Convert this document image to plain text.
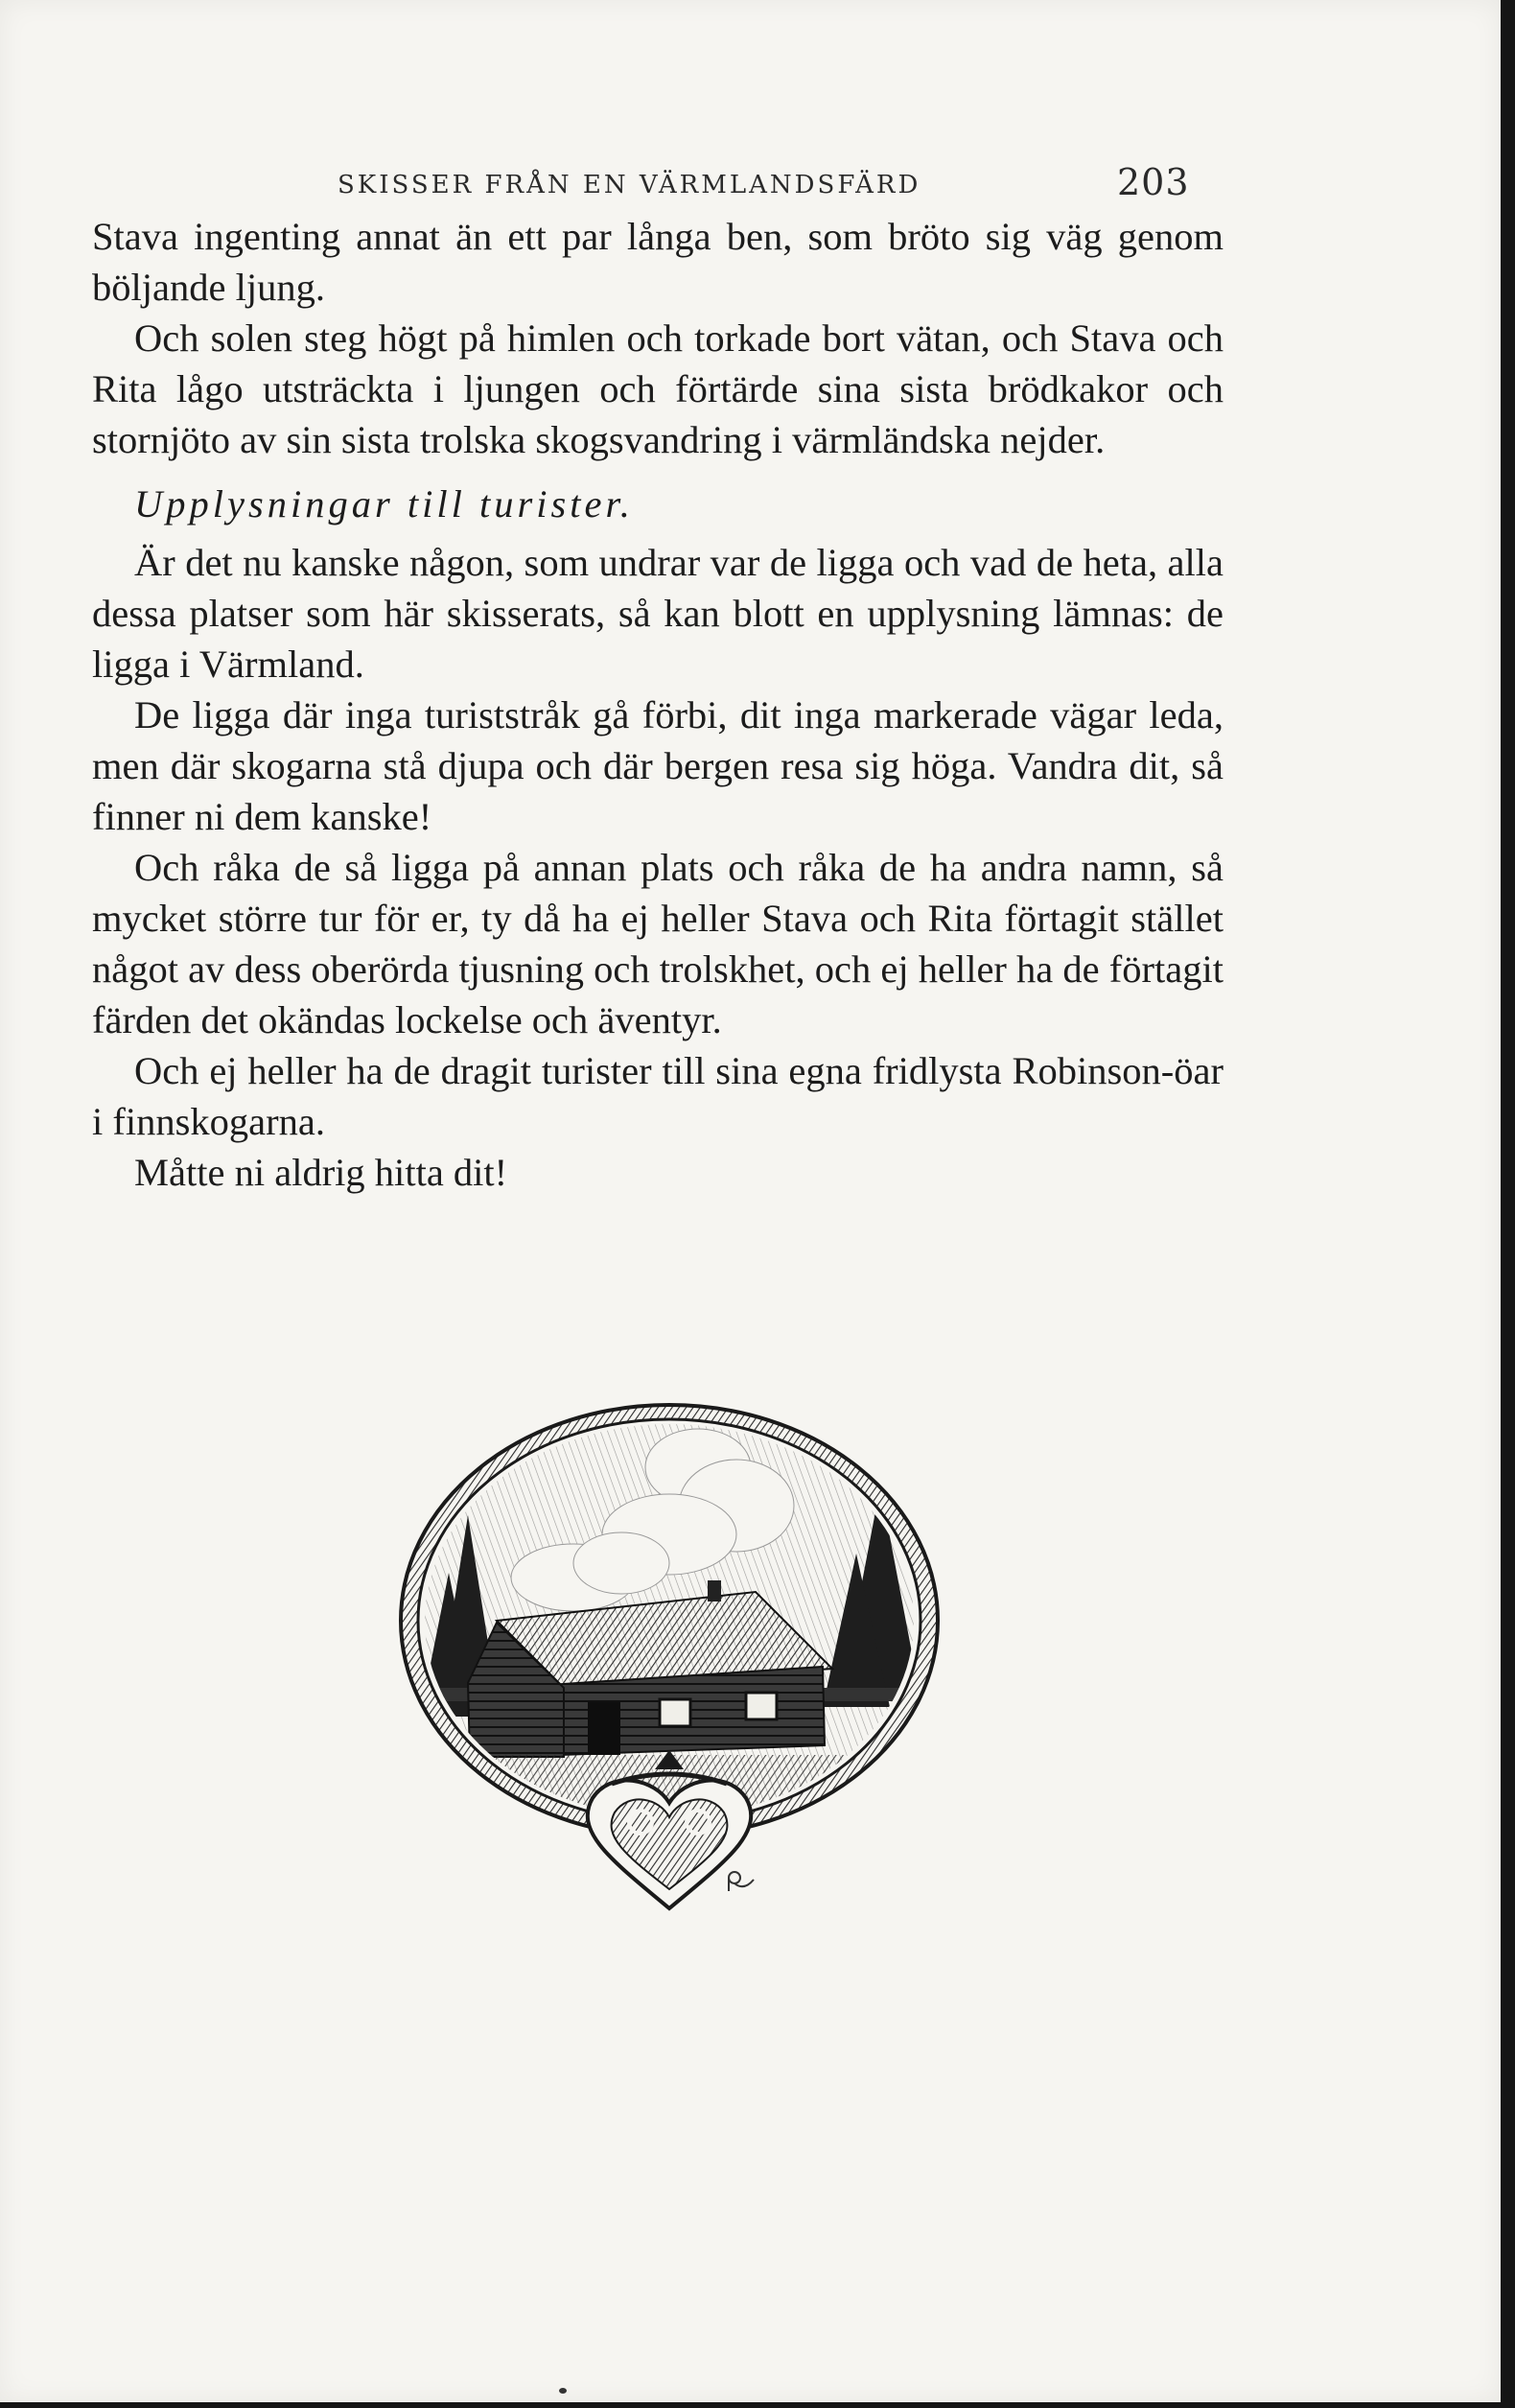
SKISSER FRÅN EN VÄRMLANDSFÄRD	203

Stava ingenting annat än ett par långa ben, som bröto sig väg genom böljande ljung.

Och solen steg högt på himlen och torkade bort vätan, och Stava och Rita lågo utsträckta i ljungen och förtärde sina sista brödkakor och stornjöto av sin sista trolska skogsvandring i värmländska nejder.

Upplysningar till turister.

Är det nu kanske någon, som undrar var de ligga och vad de heta, alla dessa platser som här skisserats, så kan blott en upplysning lämnas: de ligga i Värmland.

De ligga där inga turiststråk gå förbi, dit inga markerade vägar leda, men där skogarna stå djupa och där bergen resa sig höga. Vandra dit, så finner ni dem kanske!

Och råka de så ligga på annan plats och råka de ha andra namn, så mycket större tur för er, ty då ha ej heller Stava och Rita förtagit stället något av dess oberörda tjusning och trolskhet, och ej heller ha de förtagit färden det okändas lockelse och äventyr.

Och ej heller ha de dragit turister till sina egna fridlysta Robinson-öar i finnskogarna.

Måtte ni aldrig hitta dit!
